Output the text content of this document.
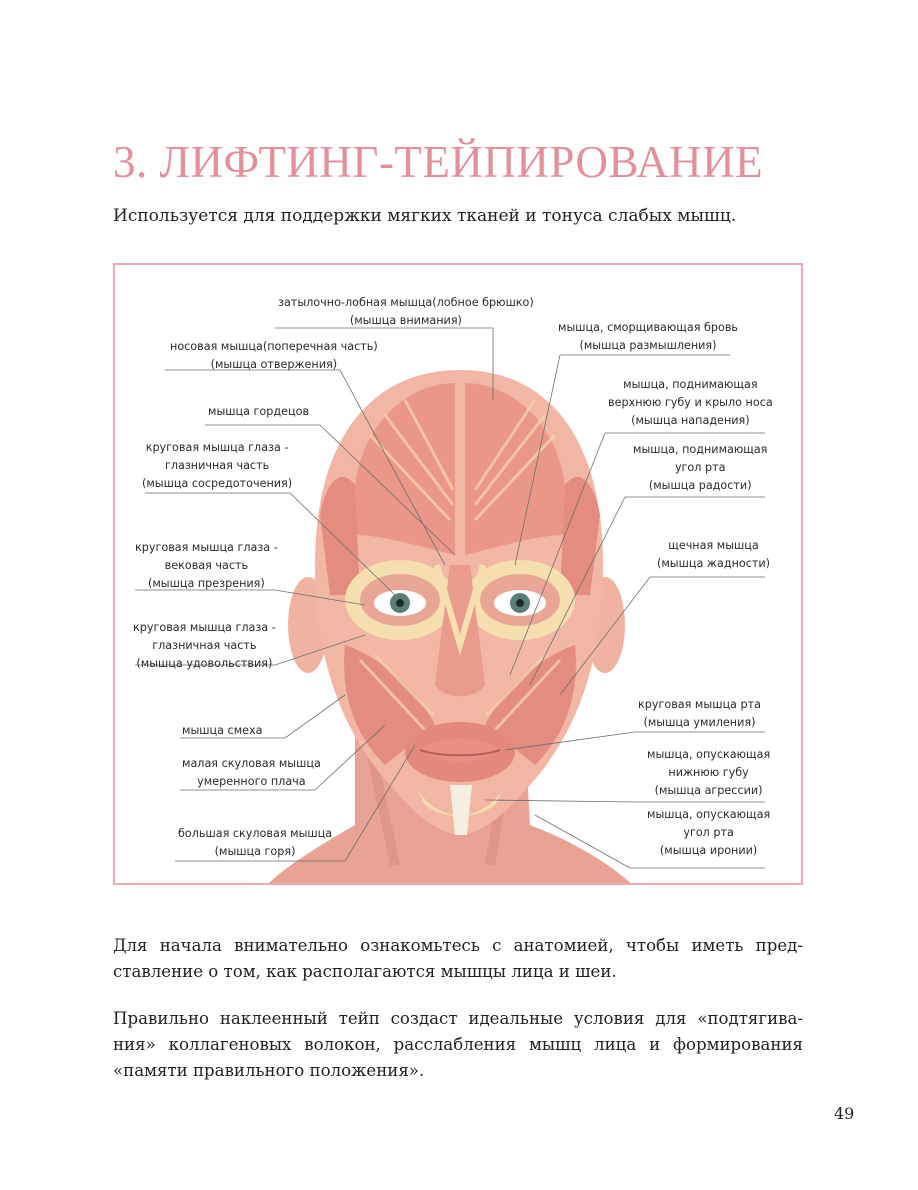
3. ЛИФТИНГ-ТЕЙПИРОВАНИЕ

Используется для поддержки мягких тканей и тонуса слабых мышц.

затылочно-лобная мышца(лобное брюшко)
(мышца внимания)
носовая мышца(поперечная часть)
(мышца отвержения)
мышца гордецов
круговая мышца глаза -
глазничная часть
(мышца сосредоточения)
круговая мышца глаза -
вековая часть
(мышца презрения)
круговая мышца глаза -
глазничная часть
(мышца удовольствия)
мышца смеха
малая скуловая мышца
умеренного плача
большая скуловая мышца
(мышца горя)
мышца, сморщивающая бровь
(мышца размышления)
мышца, поднимающая
верхнюю губу и крыло носа
(мышца нападения)
мышца, поднимающая
угол рта
(мышца радости)
щечная мышца
(мышца жадности)
круговая мышца рта
(мышца умиления)
мышца, опускающая
нижнюю губу
(мышца агрессии)
мышца, опускающая
угол рта
(мышца иронии)

Для начала внимательно ознакомьтесь с анатомией, чтобы иметь пред-ставление о том, как располагаются мышцы лица и шеи.

Правильно наклеенный тейп создаст идеальные условия для «подтягива-ния» коллагеновых волокон, расслабления мышц лица и формирования «памяти правильного положения».

49
